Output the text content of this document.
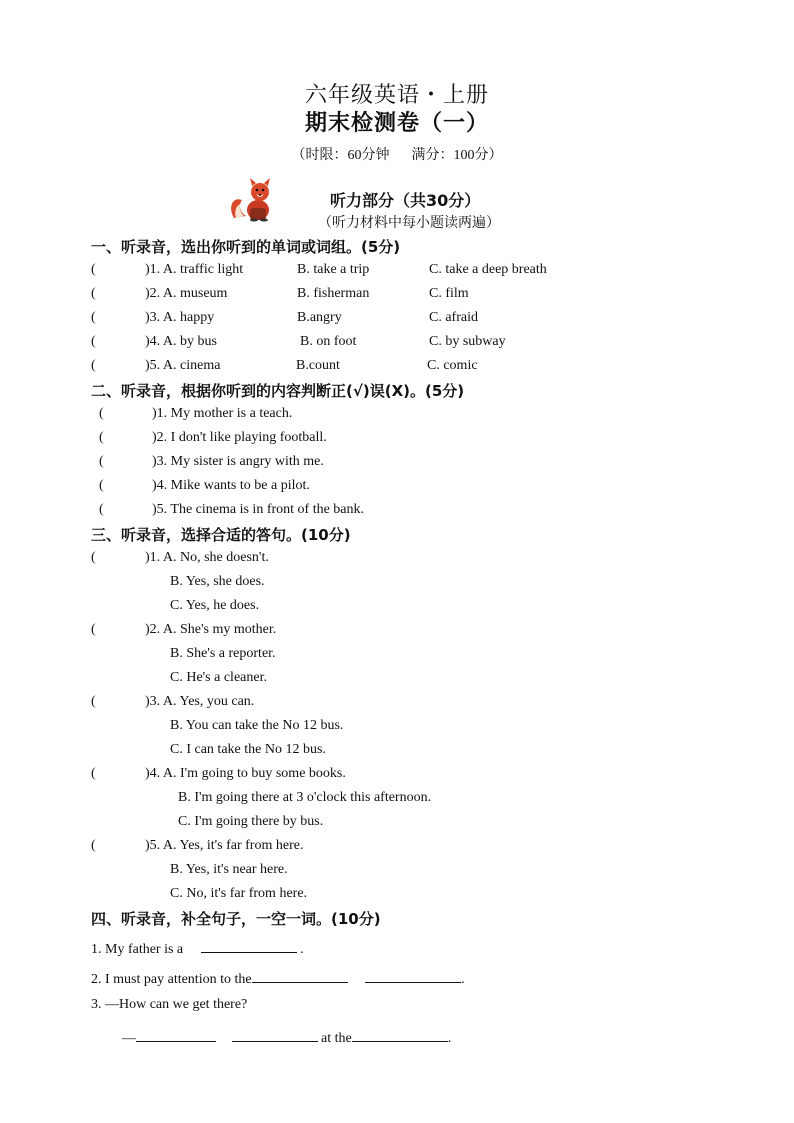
六年级英语・上册
期末检测卷（一）
（时限：60分钟 满分：100分）
听力部分（共30分）
（听力材料中每小题读两遍）
一、听录音，选出你听到的单词或词组。(5分)
(	)1. A. traffic light	B. take a trip	C. take a deep breath
(	)2. A. museum	B. fisherman	C. film
(	)3. A. happy	B.angry	C. afraid
(	)4. A. by bus	B. on foot	C. by subway
(	)5. A. cinema	B.count	C. comic
二、听录音，根据你听到的内容判断正(√)误(X)。(5分)
(	)1. My mother is a teach.
(	)2. I don't like playing football.
(	)3. My sister is angry with me.
(	)4. Mike wants to be a pilot.
(	)5. The cinema is in front of the bank.
三、听录音，选择合适的答句。(10分)
(	)1. A. No, she doesn't.
B. Yes, she does.
C. Yes, he does.
(	)2. A. She's my mother.
B. She's a reporter.
C. He's a cleaner.
(	)3. A. Yes, you can.
B. You can take the No 12 bus.
C. I can take the No 12 bus.
(	)4. A. I'm going to buy some books.
B. I'm going there at 3 o'clock this afternoon.
C. I'm going there by bus.
(	)5. A. Yes, it's far from here.
B. Yes, it's near here.
C. No, it's far from here.
四、听录音，补全句子，一空一词。(10分)
1. My father is a	.
2. I must pay attention to the	.
3. —How can we get there?
—	at the	.
